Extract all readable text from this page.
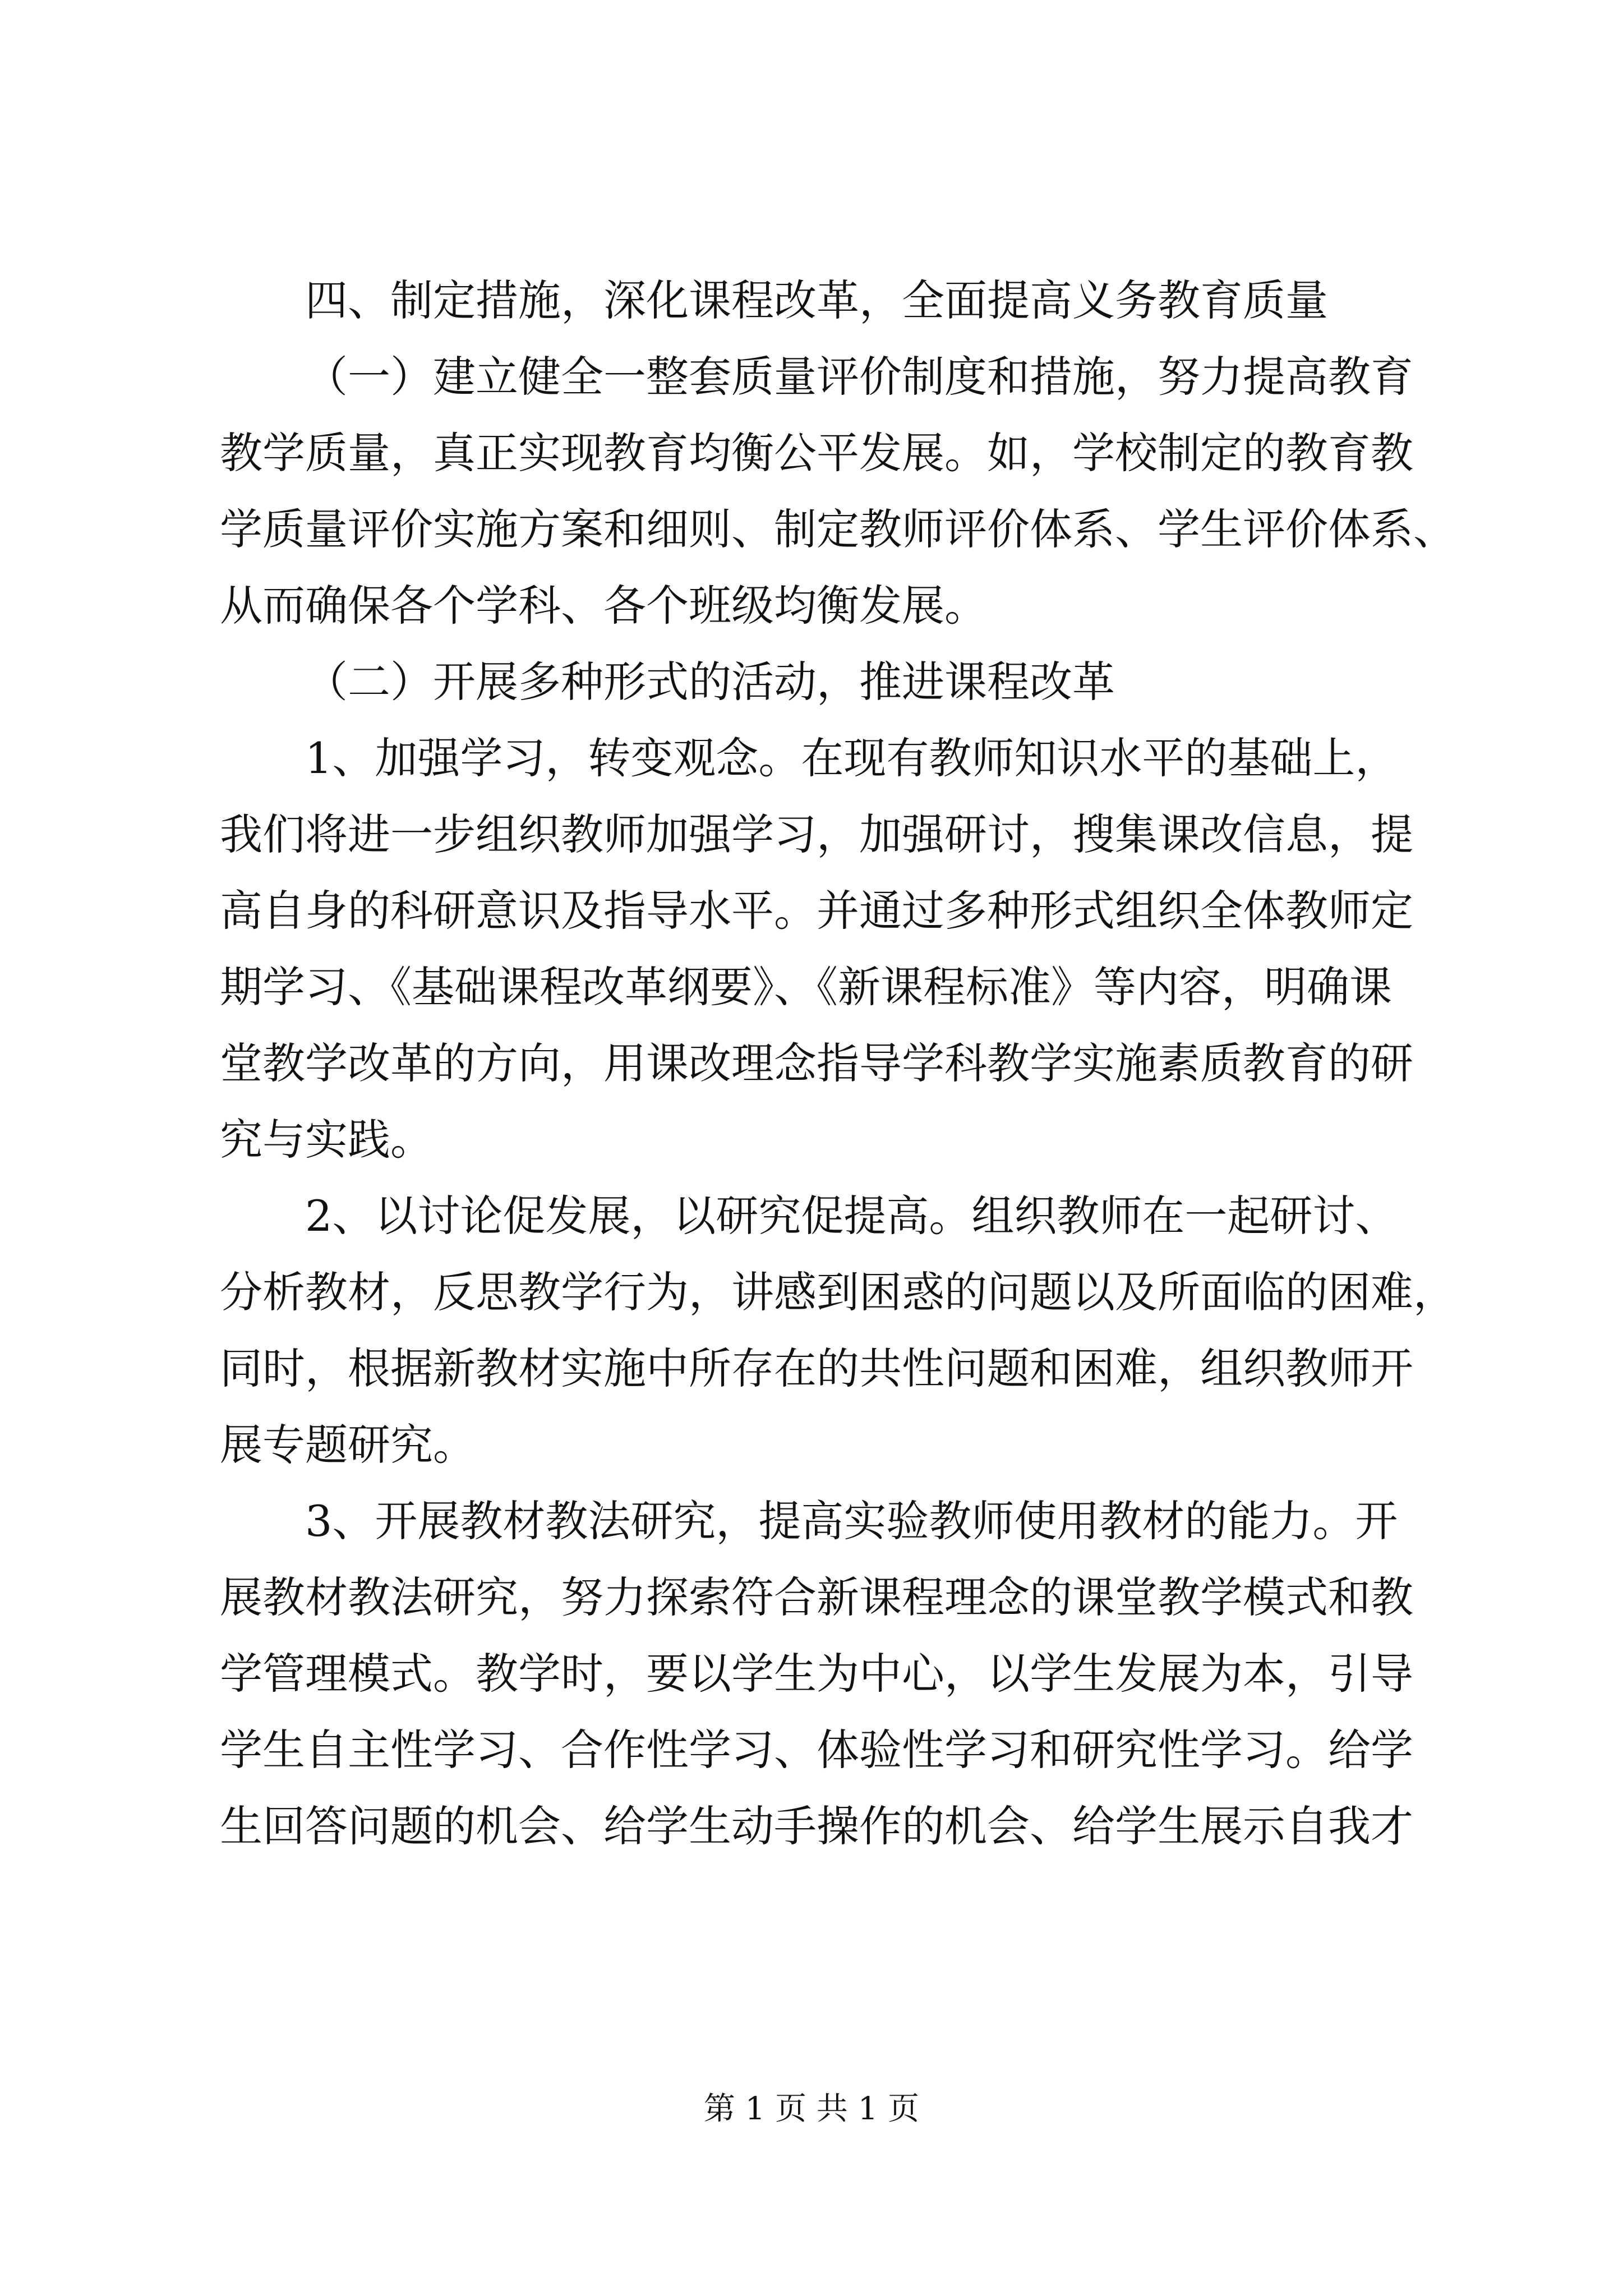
四、制定措施，深化课程改革，全面提高义务教育质量
（一）建立健全一整套质量评价制度和措施，努力提高教育
教学质量，真正实现教育均衡公平发展。如，学校制定的教育教
学质量评价实施方案和细则、制定教师评价体系、学生评价体系、
从而确保各个学科、各个班级均衡发展。
（二）开展多种形式的活动，推进课程改革
1、加强学习，转变观念。在现有教师知识水平的基础上，
我们将进一步组织教师加强学习，加强研讨，搜集课改信息，提
高自身的科研意识及指导水平。并通过多种形式组织全体教师定
期学习、《基础课程改革纲要》、《新课程标准》等内容，明确课
堂教学改革的方向，用课改理念指导学科教学实施素质教育的研
究与实践。
2、以讨论促发展，以研究促提高。组织教师在一起研讨、
分析教材，反思教学行为，讲感到困惑的问题以及所面临的困难，
同时，根据新教材实施中所存在的共性问题和困难，组织教师开
展专题研究。
3、开展教材教法研究，提高实验教师使用教材的能力。开
展教材教法研究，努力探索符合新课程理念的课堂教学模式和教
学管理模式。教学时，要以学生为中心，以学生发展为本，引导
学生自主性学习、合作性学习、体验性学习和研究性学习。给学
生回答问题的机会、给学生动手操作的机会、给学生展示自我才
第 1 页 共 1 页
